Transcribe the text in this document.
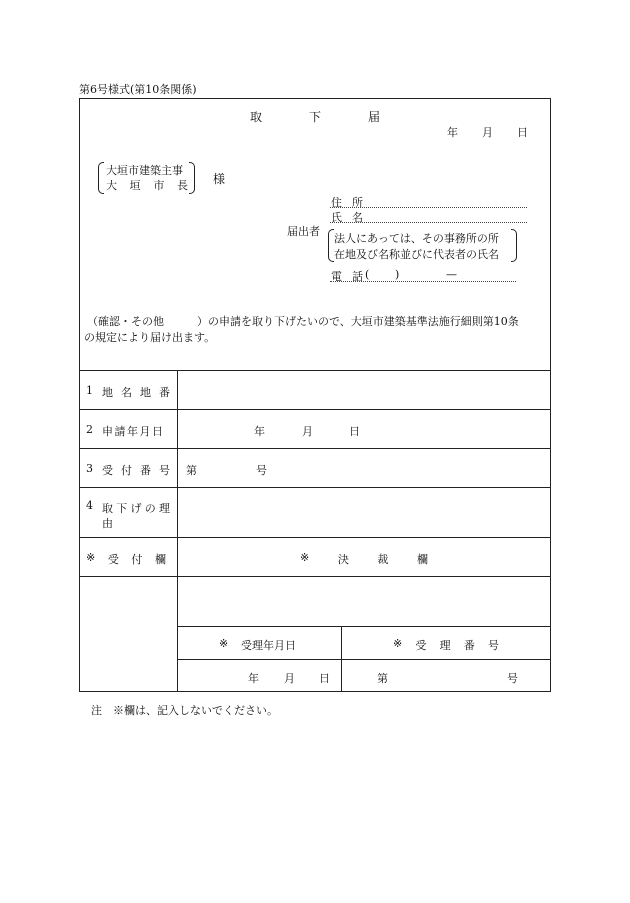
第6号様式(第10条関係)
取	下	届
年 月 日
大垣市建築主事
大 垣 市 長 様
住 所
氏 名
届出者
法人にあっては、その事務所の所
在地及び名称並びに代表者の氏名
電 話 ( )	—
（確認・その他　　　）の申請を取り下げたいので、大垣市建築基準法施行細則第10条
の規定により届け出ます。
1 地 名 地 番
2 申請年月日	年	月	日
3 受 付 番 号 第	号
4 取 下 げ の 理
由
※ 受 付 欄	※	決	裁	欄
※ 受理年月日	※ 受 理 番 号
年 月 日	第	号
注 ※欄は、記入しないでください。
